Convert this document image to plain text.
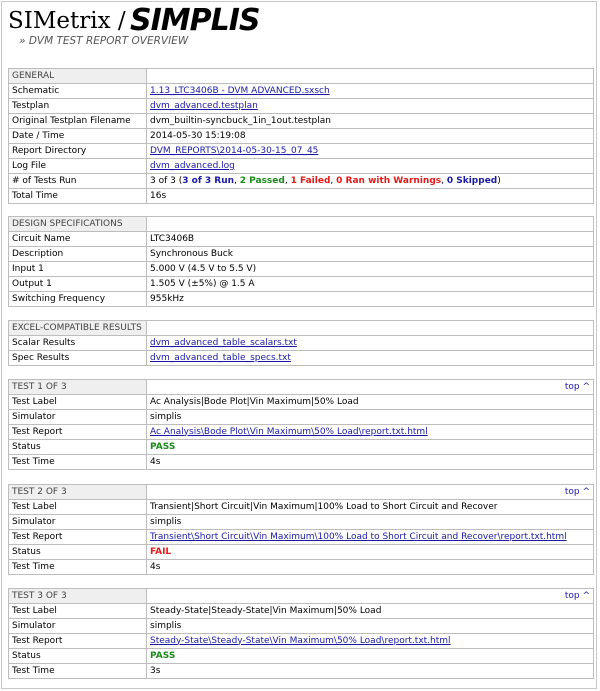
SIMetrix / SIMPLIS
» DVM TEST REPORT OVERVIEW
GENERAL	
Schematic	1.13_LTC3406B - DVM ADVANCED.sxsch
Testplan	dvm_advanced.testplan
Original Testplan Filename	dvm_builtin-syncbuck_1in_1out.testplan
Date / Time	2014-05-30 15:19:08
Report Directory	DVM_REPORTS\2014-05-30-15_07_45
Log File	dvm_advanced.log
# of Tests Run	3 of 3 (3 of 3 Run, 2 Passed, 1 Failed, 0 Ran with Warnings, 0 Skipped)
Total Time	16s
DESIGN SPECIFICATIONS	
Circuit Name	LTC3406B
Description	Synchronous Buck
Input 1	5.000 V (4.5 V to 5.5 V)
Output 1	1.505 V (±5%) @ 1.5 A
Switching Frequency	955kHz
EXCEL-COMPATIBLE RESULTS	
Scalar Results	dvm_advanced_table_scalars.txt
Spec Results	dvm_advanced_table_specs.txt
TEST 1 OF 3	top ^

Test Label	Ac Analysis|Bode Plot|Vin Maximum|50% Load
Simulator	simplis
Test Report	Ac Analysis\Bode Plot\Vin Maximum\50% Load\report.txt.html
Status	PASS
Test Time	4s
TEST 2 OF 3	top ^

Test Label	Transient|Short Circuit|Vin Maximum|100% Load to Short Circuit and Recover
Simulator	simplis
Test Report	Transient\Short Circuit\Vin Maximum\100% Load to Short Circuit and Recover\report.txt.html
Status	FAIL
Test Time	4s
TEST 3 OF 3	top ^

Test Label	Steady-State|Steady-State|Vin Maximum|50% Load
Simulator	simplis
Test Report	Steady-State\Steady-State\Vin Maximum\50% Load\report.txt.html
Status	PASS
Test Time	3s
